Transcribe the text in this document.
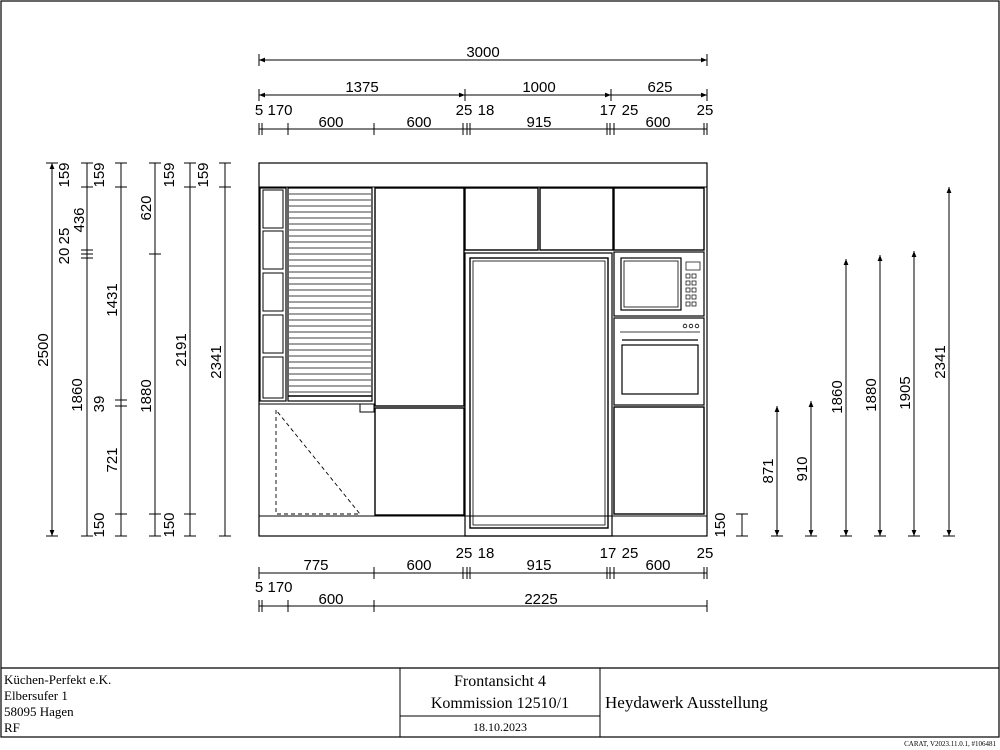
3000
1375	1000	625
5 170
600	600
25 18
915
17 25
600
25
775	600
25 18
915
17 25
600
25
5 170
600	2225
2500
159
20
25
436
1860
159
1431
39
721
150
620
1880
159
150
2191
159
2341
150
871 910
1860 1880 1905
2341
Küchen-Perfekt e.K.
Elbersufer 1
58095 Hagen
RF
Frontansicht 4
Kommission 12510/1
18.10.2023
Heydawerk Ausstellung
CARAT, V2023.11.0.1, #106481
